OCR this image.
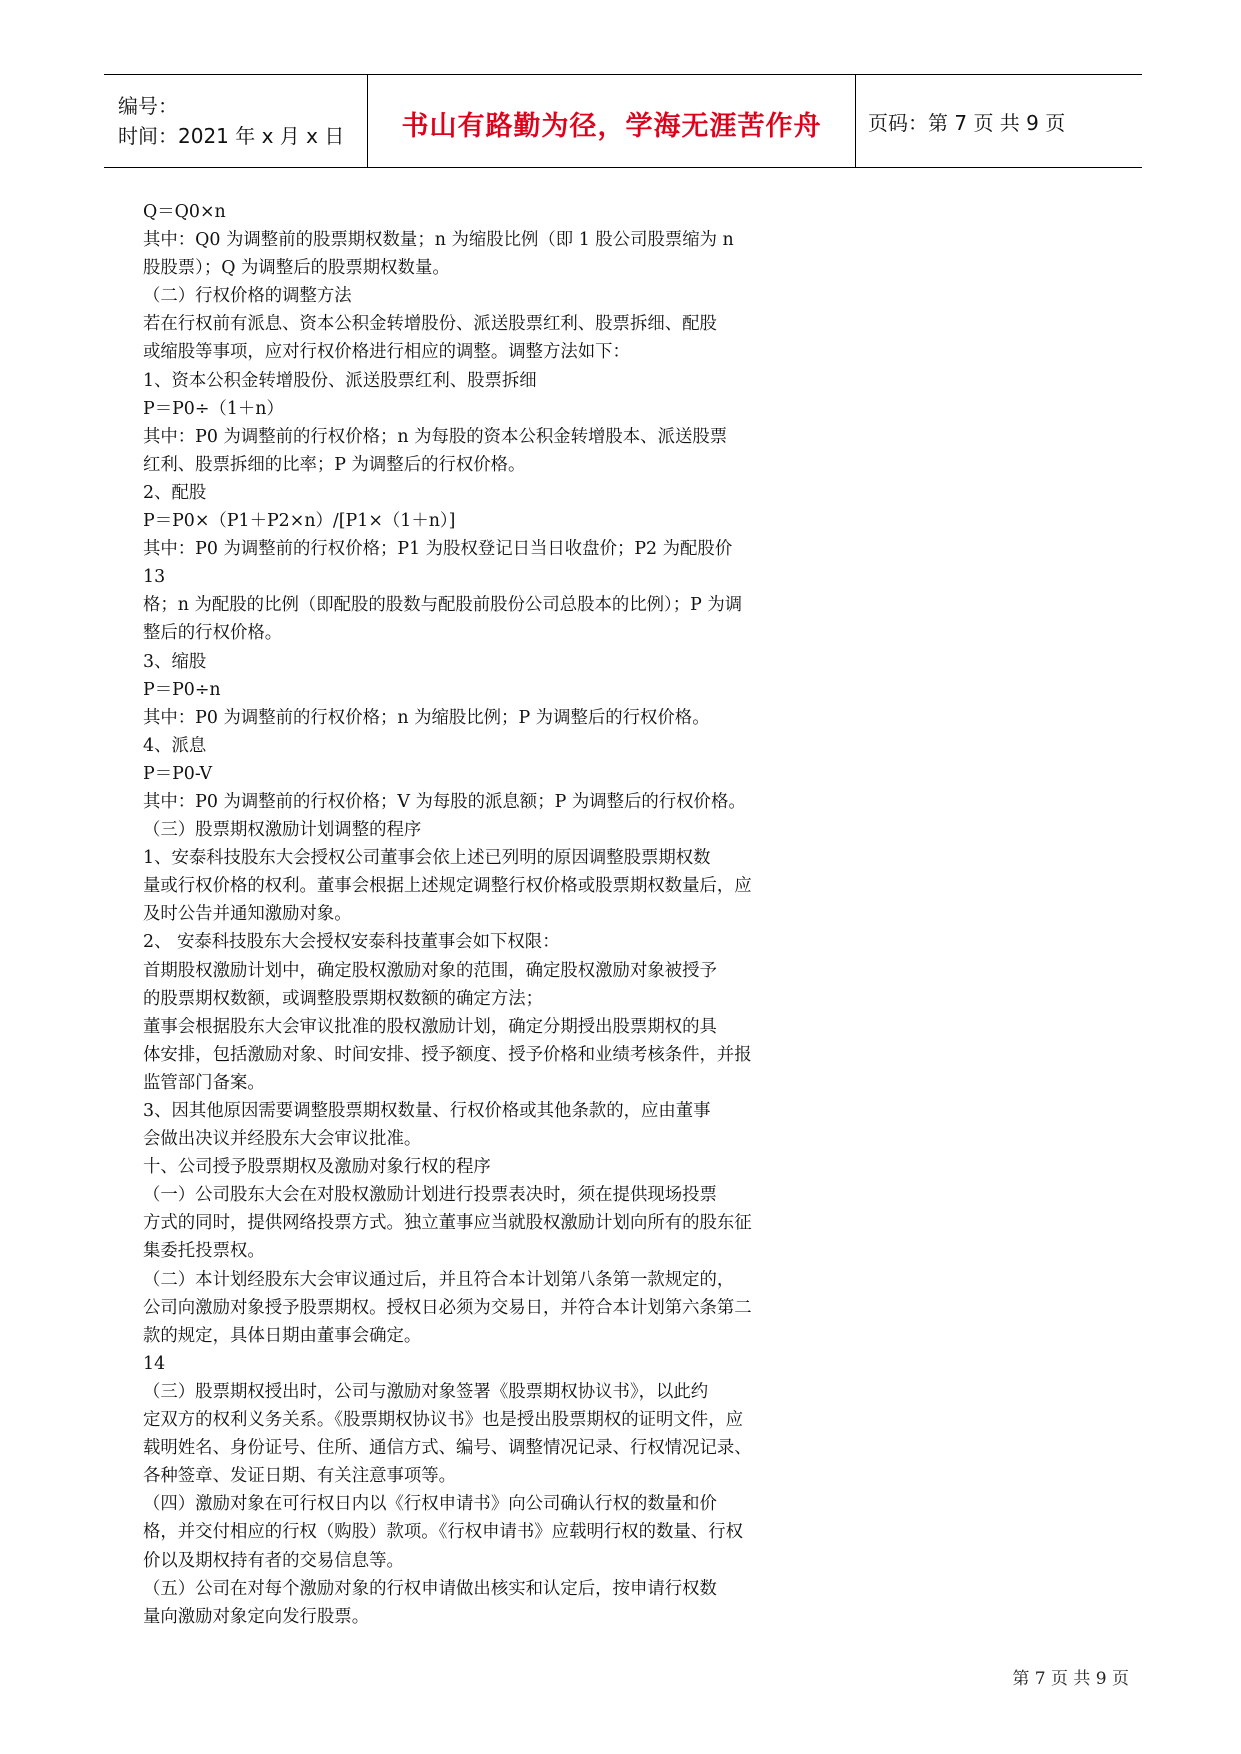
编号：
时间：2021 年 x 月 x 日	书山有路勤为径，学海无涯苦作舟 页码：第 7 页 共 9 页
Q＝Q0×n
其中：Q0 为调整前的股票期权数量；n 为缩股比例（即 1 股公司股票缩为 n
股股票）；Q 为调整后的股票期权数量。
（二）行权价格的调整方法
若在行权前有派息、资本公积金转增股份、派送股票红利、股票拆细、配股
或缩股等事项，应对行权价格进行相应的调整。调整方法如下：
1、资本公积金转增股份、派送股票红利、股票拆细
P＝P0÷（1＋n）
其中：P0 为调整前的行权价格；n 为每股的资本公积金转增股本、派送股票
红利、股票拆细的比率；P 为调整后的行权价格。
2、配股
P＝P0×（P1＋P2×n）/[P1×（1＋n）]
其中：P0 为调整前的行权价格；P1 为股权登记日当日收盘价；P2 为配股价
13
格；n 为配股的比例（即配股的股数与配股前股份公司总股本的比例）；P 为调
整后的行权价格。
3、缩股
P＝P0÷n
其中：P0 为调整前的行权价格；n 为缩股比例；P 为调整后的行权价格。
4、派息
P＝P0-V
其中：P0 为调整前的行权价格；V 为每股的派息额；P 为调整后的行权价格。
（三）股票期权激励计划调整的程序
1、安泰科技股东大会授权公司董事会依上述已列明的原因调整股票期权数
量或行权价格的权利。董事会根据上述规定调整行权价格或股票期权数量后，应
及时公告并通知激励对象。
2、 安泰科技股东大会授权安泰科技董事会如下权限：
首期股权激励计划中，确定股权激励对象的范围，确定股权激励对象被授予
的股票期权数额，或调整股票期权数额的确定方法；
董事会根据股东大会审议批准的股权激励计划，确定分期授出股票期权的具
体安排，包括激励对象、时间安排、授予额度、授予价格和业绩考核条件，并报
监管部门备案。
3、因其他原因需要调整股票期权数量、行权价格或其他条款的，应由董事
会做出决议并经股东大会审议批准。
十、公司授予股票期权及激励对象行权的程序
（一）公司股东大会在对股权激励计划进行投票表决时，须在提供现场投票
方式的同时，提供网络投票方式。独立董事应当就股权激励计划向所有的股东征
集委托投票权。
（二）本计划经股东大会审议通过后，并且符合本计划第八条第一款规定的，
公司向激励对象授予股票期权。授权日必须为交易日，并符合本计划第六条第二
款的规定，具体日期由董事会确定。
14
（三）股票期权授出时，公司与激励对象签署《股票期权协议书》，以此约
定双方的权利义务关系。《股票期权协议书》也是授出股票期权的证明文件，应
载明姓名、身份证号、住所、通信方式、编号、调整情况记录、行权情况记录、
各种签章、发证日期、有关注意事项等。
（四）激励对象在可行权日内以《行权申请书》向公司确认行权的数量和价
格，并交付相应的行权（购股）款项。《行权申请书》应载明行权的数量、行权
价以及期权持有者的交易信息等。
（五）公司在对每个激励对象的行权申请做出核实和认定后，按申请行权数
量向激励对象定向发行股票。
第 7 页 共 9 页
